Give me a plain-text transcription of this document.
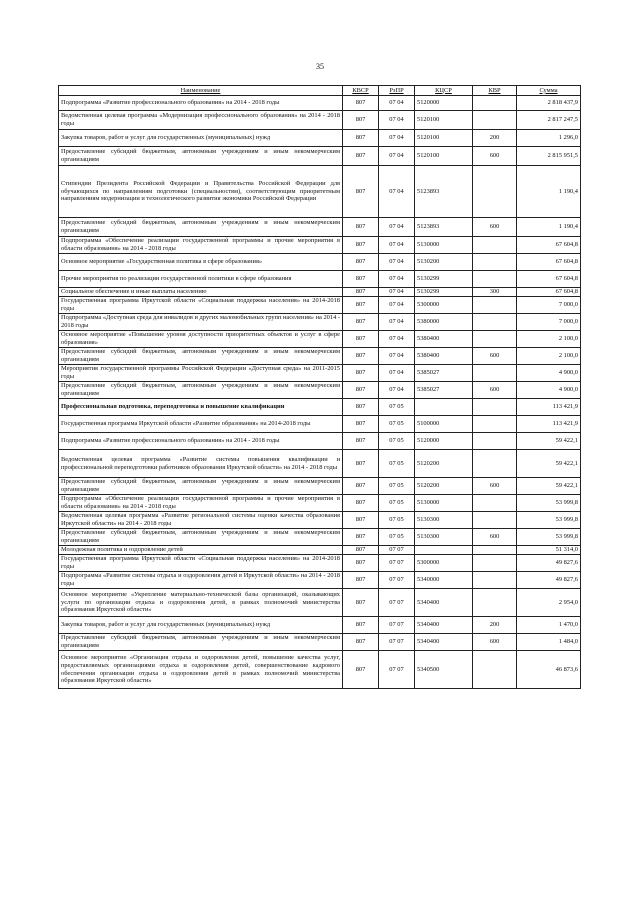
35
Наименование	КВСР	РзПР	КЦСР	КВР	Сумма
Подпрограмма «Развитие профессионального образования» на 2014 - 2018 годы	807	07 04	5120000		2 818 437,9
Ведомственная целевая программа «Модернизация профессионального образования» на 2014 - 2018 годы	807	07 04	5120100		2 817 247,5
Закупка товаров, работ и услуг для государственных (муниципальных) нужд	807	07 04	5120100	200	1 296,0
Предоставление субсидий бюджетным, автономным учреждениям и иным некоммерческим организациям	807	07 04	5120100	600	2 815 951,5
Стипендии Президента Российской Федерации и Правительства Российской Федерации для обучающихся по направлениям подготовки (специальностям), соответствующим приоритетным направлениям модернизации и технологического развития экономики Российской Федерации	807	07 04	5123893		1 190,4
Предоставление субсидий бюджетным, автономным учреждениям и иным некоммерческим организациям	807	07 04	5123893	600	1 190,4
Подпрограмма «Обеспечение реализации государственной программы и прочие мероприятия в области образования» на 2014 - 2018 годы	807	07 04	5130000		67 604,8
Основное мероприятие «Государственная политика в сфере образования»	807	07 04	5130200		67 604,8
Прочие мероприятия по реализации государственной политики в сфере образования	807	07 04	5130299		67 604,8
Социальное обеспечение и иные выплаты населению	807	07 04	5130299	300	67 604,8
Государственная программа Иркутской области «Социальная поддержка населения» на 2014-2018 годы	807	07 04	5300000		7 000,0
Подпрограмма «Доступная среда для инвалидов и других маломобильных групп населения» на 2014 - 2018 годы	807	07 04	5380000		7 000,0
Основное мероприятие «Повышение уровня доступности приоритетных объектов и услуг в сфере образования»	807	07 04	5380400		2 100,0
Предоставление субсидий бюджетным, автономным учреждениям и иным некоммерческим организациям	807	07 04	5380400	600	2 100,0
Мероприятия государственной программы Российской Федерации «Доступная среда» на 2011-2015 годы	807	07 04	5385027		4 900,0
Предоставление субсидий бюджетным, автономным учреждениям и иным некоммерческим организациям	807	07 04	5385027	600	4 900,0
Профессиональная подготовка, переподготовка и повышение квалификации	807	07 05			113 421,9
Государственная программа Иркутской области «Развитие образования» на 2014-2018 годы	807	07 05	5100000		113 421,9
Подпрограмма «Развитие профессионального образования» на 2014 - 2018 годы	807	07 05	5120000		59 422,1
Ведомственная целевая программа «Развитие системы повышения квалификации и профессиональной переподготовки работников образования Иркутской области» на 2014 - 2018 годы	807	07 05	5120200		59 422,1
Предоставление субсидий бюджетным, автономным учреждениям и иным некоммерческим организациям	807	07 05	5120200	600	59 422,1
Подпрограмма «Обеспечение реализации государственной программы и прочие мероприятия в области образования» на 2014 - 2018 годы	807	07 05	5130000		53 999,8
Ведомственная целевая программа «Развитие региональной системы оценки качества образования Иркутской области» на 2014 - 2018 годы	807	07 05	5130300		53 999,8
Предоставление субсидий бюджетным, автономным учреждениям и иным некоммерческим организациям	807	07 05	5130300	600	53 999,8
Молодежная политика и оздоровление детей	807	07 07			51 314,0
Государственная программа Иркутской области «Социальная поддержка населения» на 2014-2018 годы	807	07 07	5300000		49 827,6
Подпрограмма «Развитие системы отдыха и оздоровления детей в Иркутской области» на 2014 - 2018 годы	807	07 07	5340000		49 827,6
Основное мероприятие «Укрепление материально-технической базы организаций, оказывающих услуги по организации отдыха и оздоровления детей, в рамках полномочий министерства образования Иркутской области»	807	07 07	5340400		2 954,0
Закупка товаров, работ и услуг для государственных (муниципальных) нужд	807	07 07	5340400	200	1 470,0
Предоставление субсидий бюджетным, автономным учреждениям и иным некоммерческим организациям	807	07 07	5340400	600	1 484,0
Основное мероприятие «Организация отдыха и оздоровления детей, повышение качества услуг, предоставляемых организациями отдыха и оздоровления детей, совершенствование кадрового обеспечения организации отдыха и оздоровления детей в рамках полномочий министерства образования Иркутской области»	807	07 07	5340500		46 873,6
